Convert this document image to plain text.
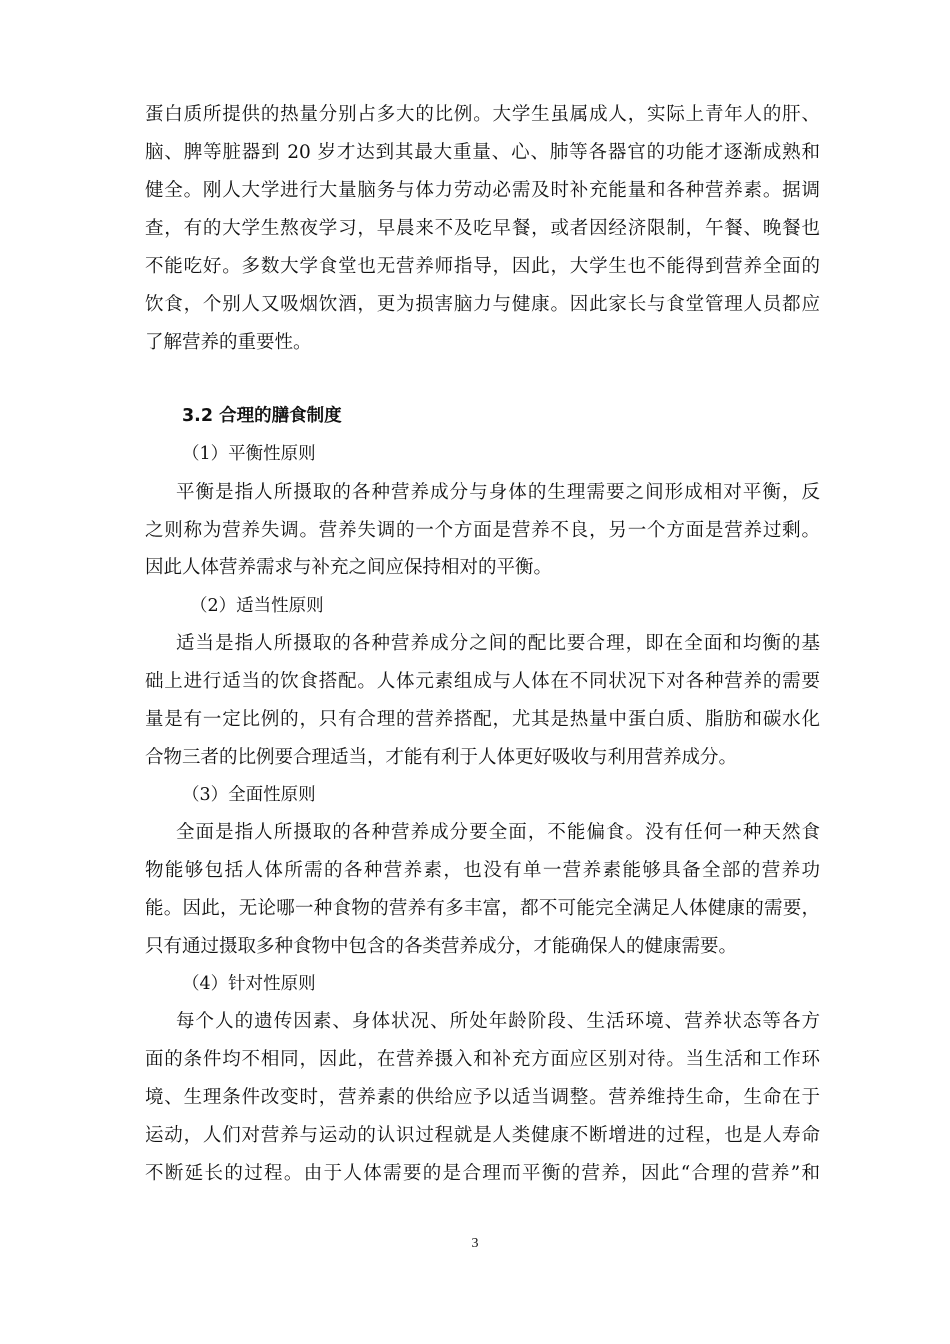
蛋白质所提供的热量分别占多大的比例。大学生虽属成人，实际上青年人的肝、
脑、脾等脏器到 20 岁才达到其最大重量、心、肺等各器官的功能才逐渐成熟和
健全。刚人大学进行大量脑务与体力劳动必需及时补充能量和各种营养素。据调
查，有的大学生熬夜学习，早晨来不及吃早餐，或者因经济限制，午餐、晚餐也
不能吃好。多数大学食堂也无营养师指导，因此，大学生也不能得到营养全面的
饮食，个别人又吸烟饮酒，更为损害脑力与健康。因此家长与食堂管理人员都应
了解营养的重要性。
3.2 合理的膳食制度
（1）平衡性原则
平衡是指人所摄取的各种营养成分与身体的生理需要之间形成相对平衡，反
之则称为营养失调。营养失调的一个方面是营养不良，另一个方面是营养过剩。
因此人体营养需求与补充之间应保持相对的平衡。
（2）适当性原则
适当是指人所摄取的各种营养成分之间的配比要合理，即在全面和均衡的基
础上进行适当的饮食搭配。人体元素组成与人体在不同状况下对各种营养的需要
量是有一定比例的，只有合理的营养搭配，尤其是热量中蛋白质、脂肪和碳水化
合物三者的比例要合理适当，才能有利于人体更好吸收与利用营养成分。
（3）全面性原则
全面是指人所摄取的各种营养成分要全面，不能偏食。没有任何一种天然食
物能够包括人体所需的各种营养素，也没有单一营养素能够具备全部的营养功
能。因此，无论哪一种食物的营养有多丰富，都不可能完全满足人体健康的需要，
只有通过摄取多种食物中包含的各类营养成分，才能确保人的健康需要。
（4）针对性原则
每个人的遗传因素、身体状况、所处年龄阶段、生活环境、营养状态等各方
面的条件均不相同，因此，在营养摄入和补充方面应区别对待。当生活和工作环
境、生理条件改变时，营养素的供给应予以适当调整。营养维持生命，生命在于
运动，人们对营养与运动的认识过程就是人类健康不断增进的过程，也是人寿命
不断延长的过程。由于人体需要的是合理而平衡的营养，因此“合理的营养”和
3
